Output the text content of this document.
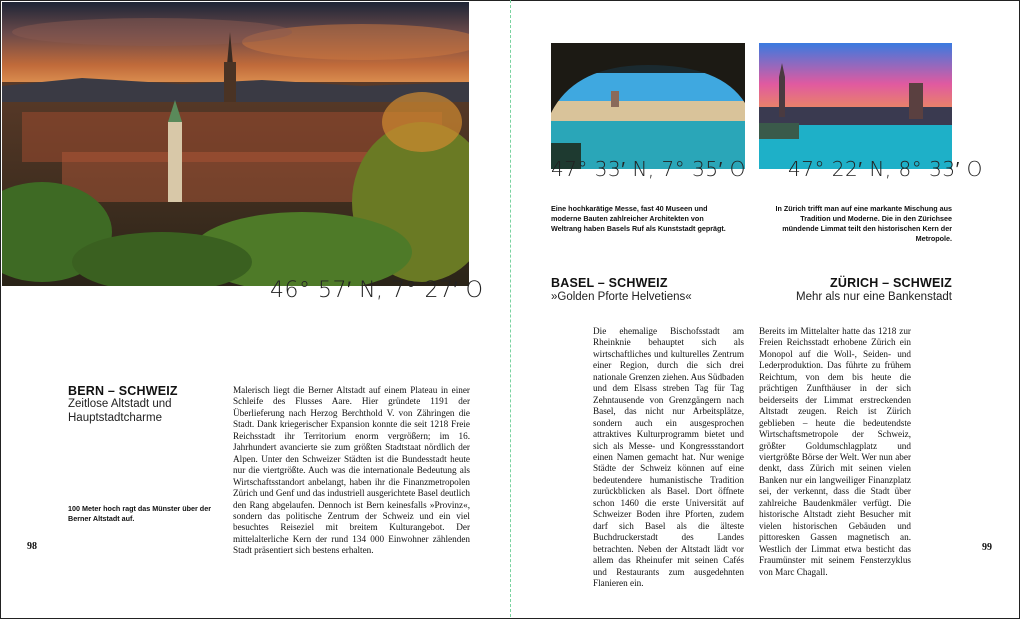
46° 57′ N, 7° 27′ O
BERN – SCHWEIZ
Zeitlose Altstadt und Hauptstadtcharme
100 Meter hoch ragt das Münster über der Berner Altstadt auf.
Malerisch liegt die Berner Altstadt auf einem Plateau in einer Schleife des Flusses Aare. Hier gründete 1191 der Überlieferung nach Herzog Berchthold V. von Zähringen die Stadt. Dank kriegerischer Expansion konnte die seit 1218 Freie Reichsstadt ihr Territorium enorm vergrößern; im 16. Jahrhundert avancierte sie zum größten Stadtstaat nördlich der Alpen. Unter den Schweizer Städten ist die Bundesstadt heute nur die viertgrößte. Auch was die internationale Bedeutung als Wirtschaftsstandort anbelangt, haben ihr die Finanzmetropolen Zürich und Genf und das industriell ausgerichtete Basel deutlich den Rang abgelaufen. Dennoch ist Bern keinesfalls »Provinz«, sondern das politische Zentrum der Schweiz und ein viel besuchtes Reiseziel mit breitem Kulturangebot. Der mittelalterliche Kern der rund 134 000 Einwohner zählenden Stadt präsentiert sich bestens erhalten.
98
47° 33′ N, 7° 35′ O
Eine hochkarätige Messe, fast 40 Museen und moderne Bauten zahlreicher Architekten von Weltrang haben Basels Ruf als Kunststadt geprägt.
47° 22′ N, 8° 33′ O
In Zürich trifft man auf eine markante Mischung aus Tradition und Moderne. Die in den Zürichsee mündende Limmat teilt den historischen Kern der Metropole.
BASEL – SCHWEIZ
»Golden Pforte Helvetiens«
ZÜRICH – SCHWEIZ
Mehr als nur eine Bankenstadt
Die ehemalige Bischofsstadt am Rheinknie behauptet sich als wirtschaftliches und kulturelles Zentrum einer Region, durch die sich drei nationale Grenzen ziehen. Aus Südbaden und dem Elsass streben Tag für Tag Zehntausende von Grenzgängern nach Basel, das nicht nur Arbeitsplätze, sondern auch ein ausgesprochen attraktives Kulturprogramm bietet und sich als Messe- und Kongressstandort einen Namen gemacht hat. Nur wenige Städte der Schweiz können auf eine bedeutendere humanistische Tradition zurückblicken als Basel. Dort öffnete schon 1460 die erste Universität auf Schweizer Boden ihre Pforten, zudem darf sich Basel als die älteste Buchdruckerstadt des Landes betrachten. Neben der Altstadt lädt vor allem das Rheinufer mit seinen Cafés und Restaurants zum ausgedehnten Flanieren ein.
Bereits im Mittelalter hatte das 1218 zur Freien Reichsstadt erhobene Zürich ein Monopol auf die Woll-, Seiden- und Lederproduktion. Das führte zu frühem Reichtum, von dem bis heute die prächtigen Zunfthäuser in der sich beiderseits der Limmat erstreckenden Altstadt zeugen. Reich ist Zürich geblieben – heute die bedeutendste Wirtschaftsmetropole der Schweiz, größter Goldumschlagplatz und viertgrößte Börse der Welt. Wer nun aber denkt, dass Zürich mit seinen vielen Banken nur ein langweiliger Finanzplatz sei, der verkennt, dass die Stadt über zahlreiche Baudenkmäler verfügt. Die historische Altstadt zieht Besucher mit vielen historischen Gebäuden und pittoresken Gassen magnetisch an. Westlich der Limmat etwa besticht das Fraumünster mit seinem Fensterzyklus von Marc Chagall.
99
